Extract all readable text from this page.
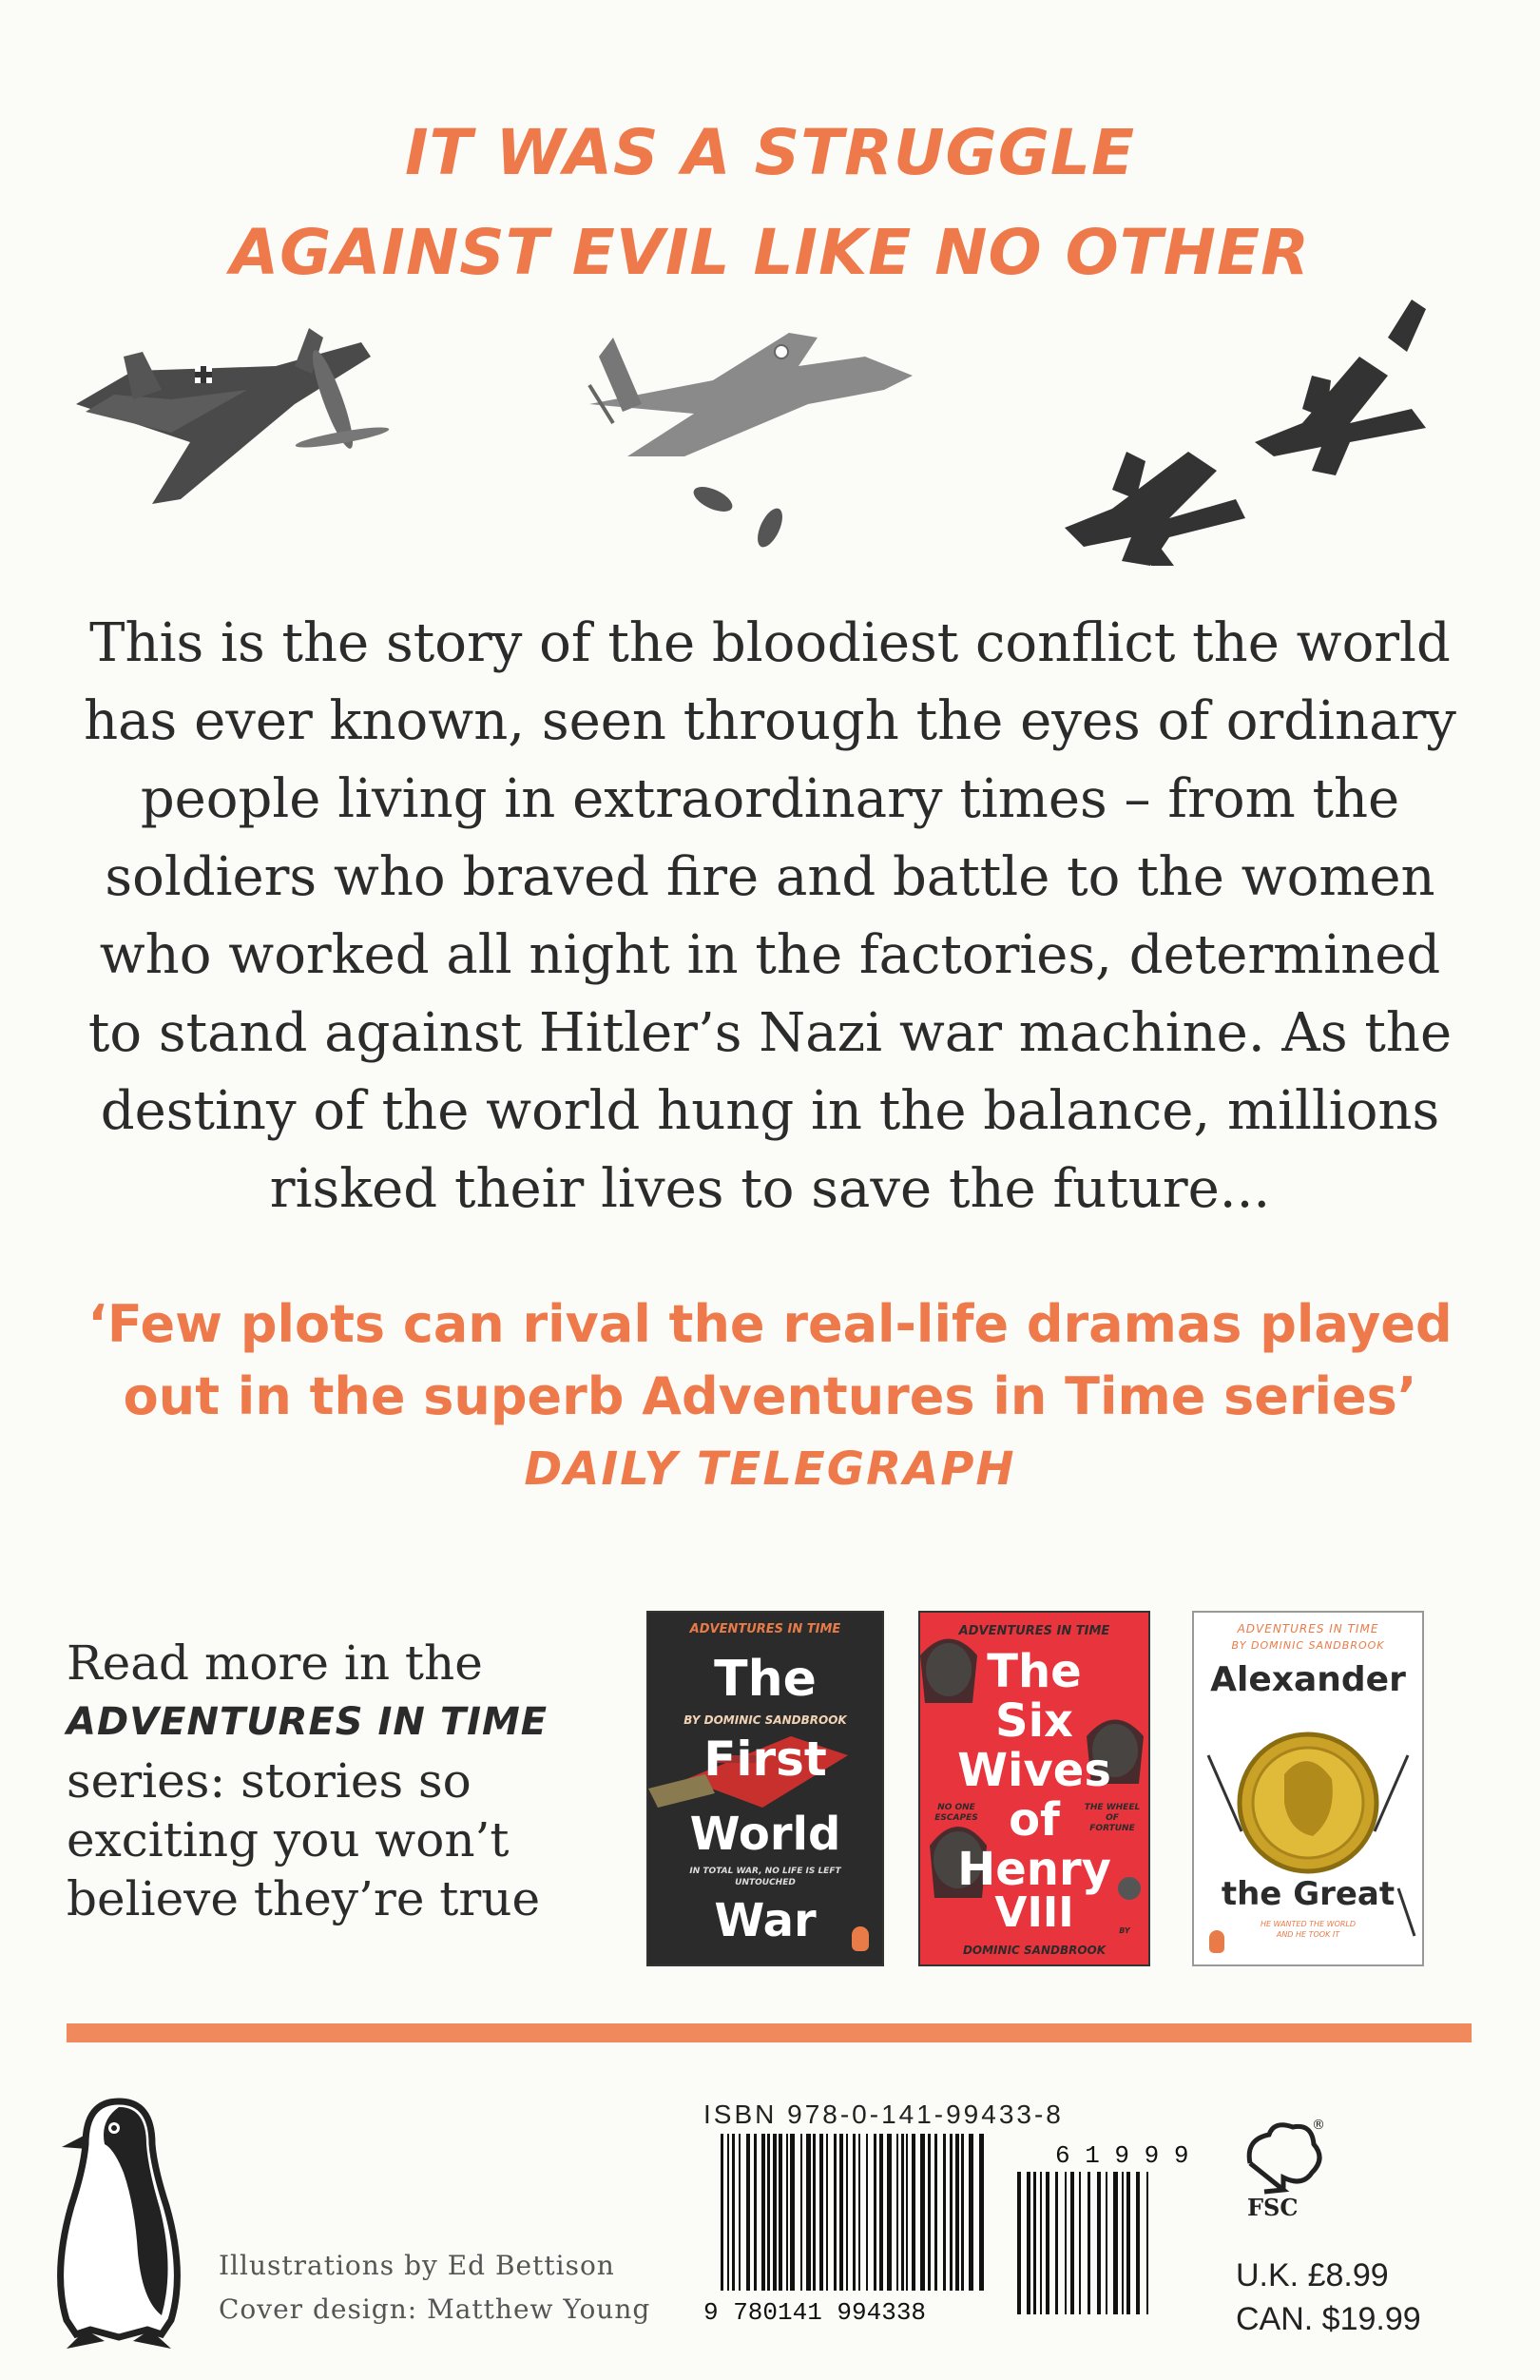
IT WAS A STRUGGLE
AGAINST EVIL LIKE NO OTHER
This is the story of the bloodiest conflict the world
has ever known, seen through the eyes of ordinary
people living in extraordinary times – from the
soldiers who braved fire and battle to the women
who worked all night in the factories, determined
to stand against Hitler’s Nazi war machine. As the
destiny of the world hung in the balance, millions
risked their lives to save the future...
‘Few plots can rival the real-life dramas played
out in the superb Adventures in Time series’
DAILY TELEGRAPH
Read more in the
ADVENTURES IN TIME
series: stories so
exciting you won’t
believe they’re true
ADVENTURES IN TIME
The
BY DOMINIC SANDBROOK
First
World
IN TOTAL WAR, NO LIFE IS LEFT UNTOUCHED
War
ADVENTURES IN TIME
The
Six
Wives
NO ONE ESCAPES
THE WHEEL OF FORTUNE
of
Henry
VIII	BY
DOMINIC SANDBROOK
ADVENTURES IN TIME
BY DOMINIC SANDBROOK
Alexander
the Great
HE WANTED THE WORLD AND HE TOOK IT
Illustrations by Ed Bettison
Cover design: Matthew Young
ISBN 978-0-141-99433-8
9 780141 994338
6 1 9 9 9
FSC
®
U.K. £8.99
CAN. $19.99
